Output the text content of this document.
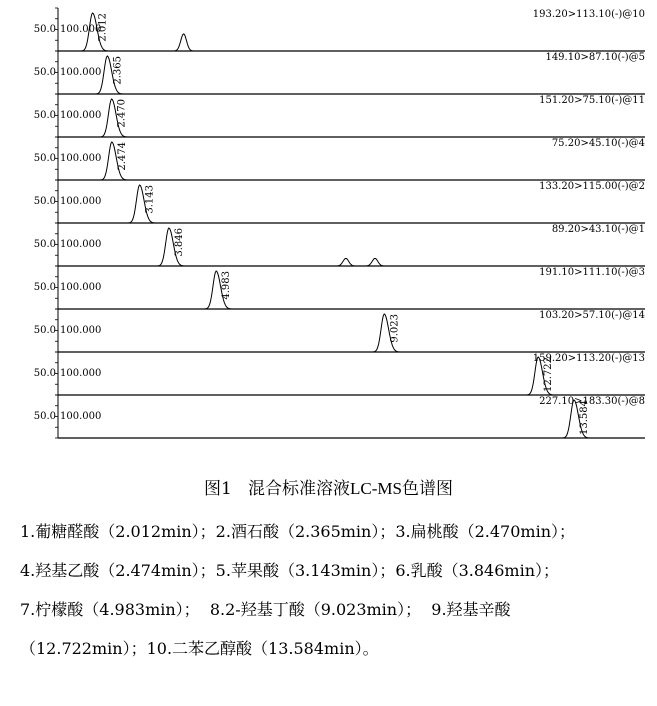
50.0 100.000
193.20>113.10(-)@10
2.012
50.0 100.000
149.10>87.10(-)@5
2.365
50.0 100.000
151.20>75.10(-)@11
2.470
50.0 100.000
75.20>45.10(-)@4
2.474
50.0 100.000
133.20>115.00(-)@2
3.143
50.0 100.000
89.20>43.10(-)@1
3.846
50.0 100.000
191.10>111.10(-)@3
4.983
50.0 100.000
103.20>57.10(-)@14
9.023
50.0 100.000
159.20>113.20(-)@13
12.722
50.0 100.000
227.10>183.30(-)@8
13.584
图1 混合标准溶液LC-MS色谱图
1.葡糖醛酸（2.012min）；2.酒石酸（2.365min）；3.扁桃酸（2.470min）；
4.羟基乙酸（2.474min）；5.苹果酸（3.143min）；6.乳酸（3.846min）；
7.柠檬酸（4.983min）； 8.2-羟基丁酸（9.023min）； 9.羟基辛酸
（12.722min）；10.二苯乙醇酸（13.584min）。
